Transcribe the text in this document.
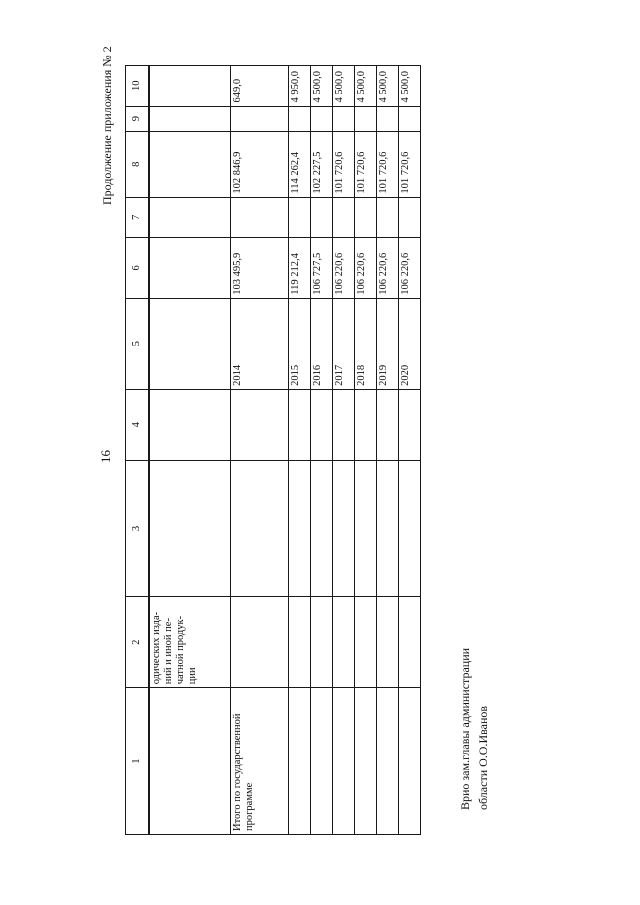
Продолжение приложения № 2
16
1	2	3	4	5	6	7	8	9	10
	одических изда-ний и иной пе-чатной продук-ции								
Итого по государственной программе				2014	103 495,9		102 846,9		649,0
				2015	119 212,4		114 262,4		4 950,0
				2016	106 727,5		102 227,5		4 500,0
				2017	106 220,6		101 720,6		4 500,0
				2018	106 220,6		101 720,6		4 500,0
				2019	106 220,6		101 720,6		4 500,0
				2020	106 220,6		101 720,6		4 500,0
Врио зам.главы администрации области О.О.Иванов
